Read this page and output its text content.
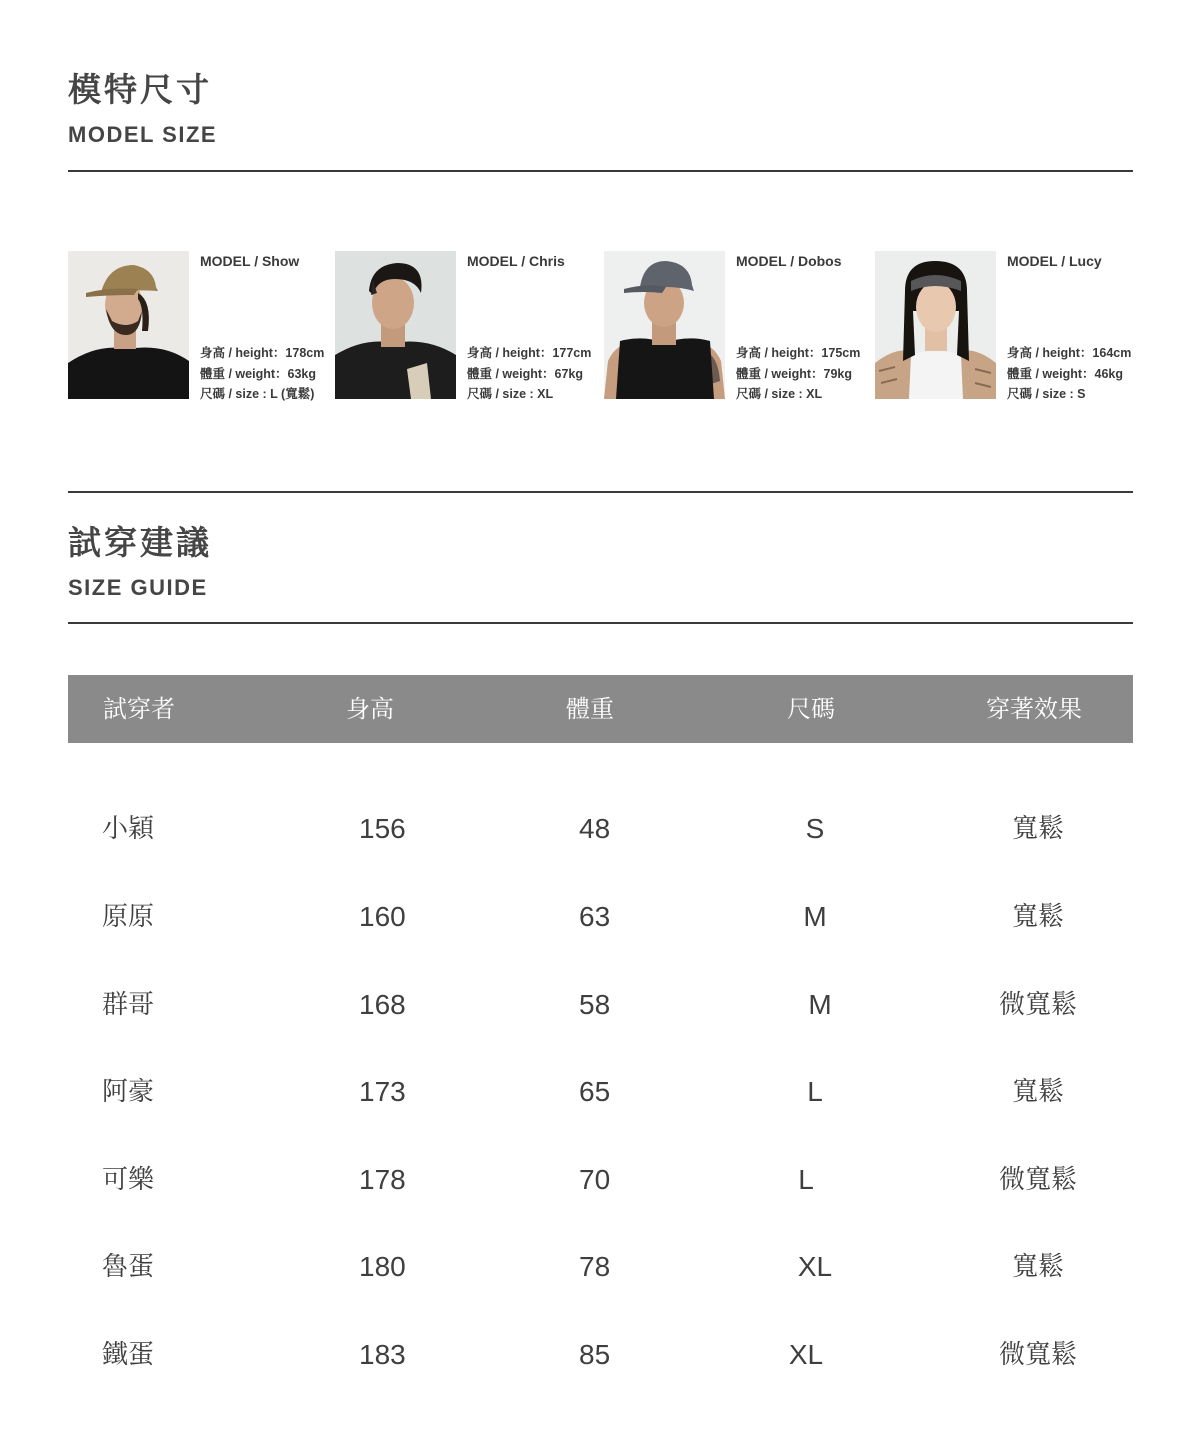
模特尺寸
MODEL SIZE
MODEL / Show
身高 / height：178cm
體重 / weight：63kg
尺碼 / size : L (寬鬆)
MODEL / Chris
身高 / height：177cm
體重 / weight：67kg
尺碼 / size : XL
MODEL / Dobos
身高 / height：175cm
體重 / weight：79kg
尺碼 / size : XL
MODEL / Lucy
身高 / height：164cm
體重 / weight：46kg
尺碼 / size : S
試穿建議
SIZE GUIDE
試穿者	身高	體重	尺碼	穿著效果
小穎	156	48	S	寬鬆
原原	160	63	M	寬鬆
群哥	168	58	M	微寬鬆
阿豪	173	65	L	寬鬆
可樂	178	70	L	微寬鬆
魯蛋	180	78	XL	寬鬆
鐵蛋	183	85	XL	微寬鬆
